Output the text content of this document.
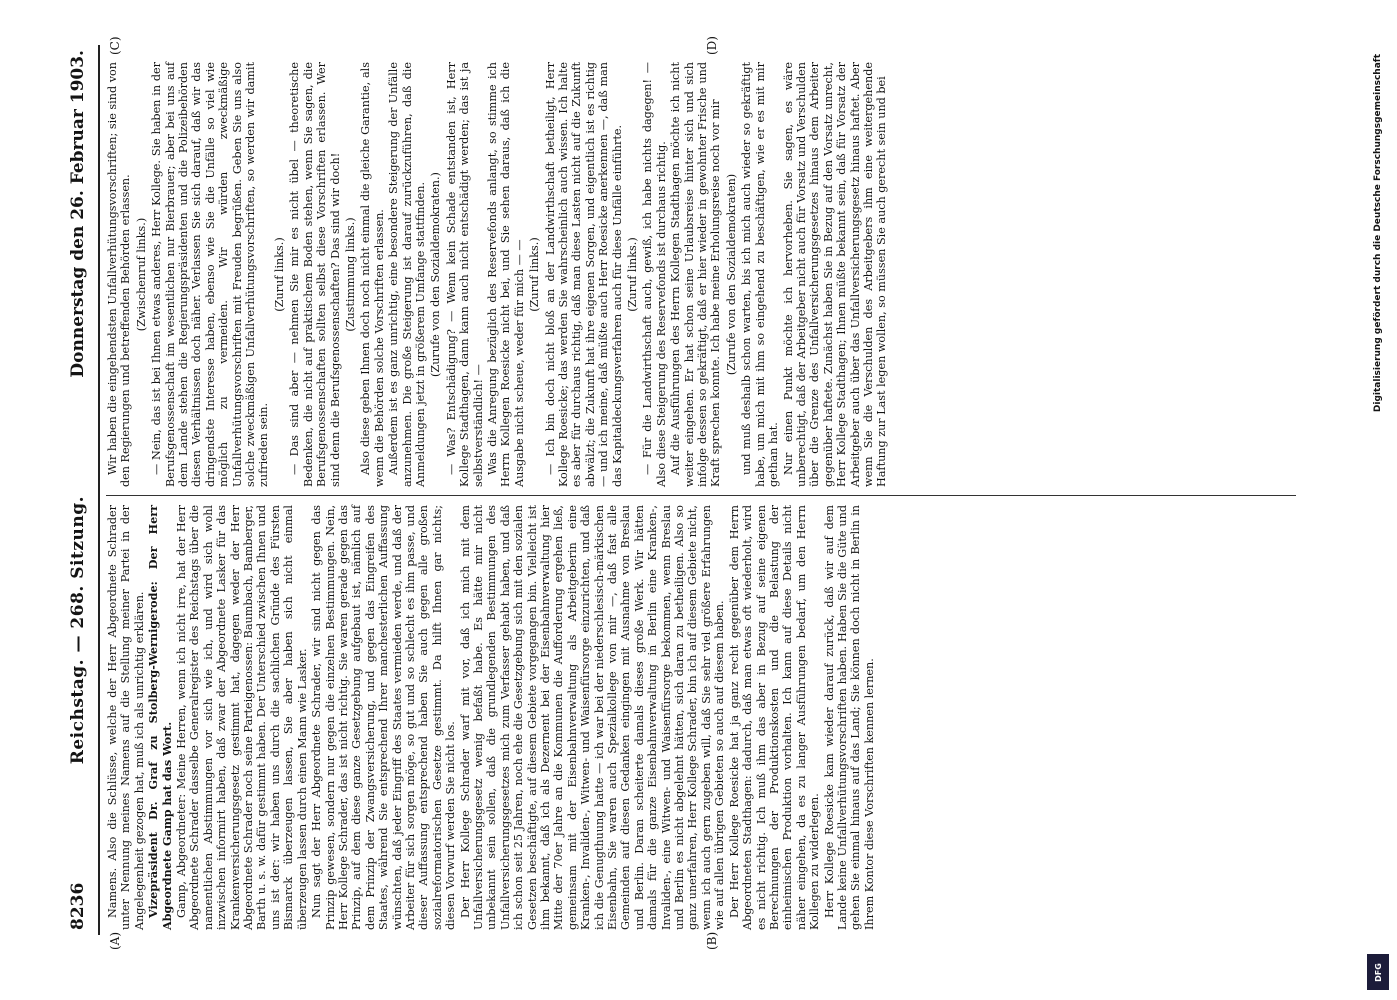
8236
Reichstag. — 268. Sitzung.
Donnerstag den 26. Februar 1903.
(A)	(B)
(C)	(D)

Namens. Also die Schlüsse, welche der Herr Abgeordnete Schrader unter Nennung meines Namens auf die Stellung meiner Partei in der Angelegenheit gezogen hat, muß ich als unrichtig erklären. Vizepräsident Dr. Graf zu Stolberg-Wernigerode: Der Herr Abgeordnete Gamp hat das Wort. Gamp, Abgeordneter: Meine Herren, wenn ich nicht irre, hat der Herr Abgeordnete Schrader dasselbe Generalregister des Reichstags über die namentlichen Abstimmungen vor sich wie ich, und wird sich wohl inzwischen informirt haben, daß zwar der Abgeordnete Lasker für das Krankenversicherungsgesetz gestimmt hat, dagegen weder der Herr Abgeordnete Schrader noch seine Parteigenossen: Baumbach, Bamberger, Barth u. s. w. dafür gestimmt haben. Der Unterschied zwischen Ihnen und uns ist der: wir haben uns durch die sachlichen Gründe des Fürsten Bismarck überzeugen lassen, Sie aber haben sich nicht einmal überzeugen lassen durch einen Mann wie Lasker. Nun sagt der Herr Abgeordnete Schrader, wir sind nicht gegen das Prinzip gewesen, sondern nur gegen die einzelnen Bestimmungen. Nein, Herr Kollege Schrader, das ist nicht richtig. Sie waren gerade gegen das Prinzip, auf dem diese ganze Gesetzgebung aufgebaut ist, nämlich auf dem Prinzip der Zwangsversicherung, und gegen das Eingreifen des Staates, während Sie entsprechend Ihrer manchesterlichen Auffassung wünschten, daß jeder Eingriff des Staates vermieden werde, und daß der Arbeiter für sich sorgen möge, so gut und so schlecht es ihm passe, und dieser Auffassung entsprechend haben Sie auch gegen alle großen sozialreformatorischen Gesetze gestimmt. Da hilft Ihnen gar nichts; diesen Vorwurf werden Sie nicht los. Der Herr Kollege Schrader warf mit vor, daß ich mich mit dem Unfallversicherungsgesetz wenig befaßt habe. Es hätte mir nicht unbekannt sein sollen, daß die grundlegenden Bestimmungen des Unfallversicherungsgesetzes mich zum Verfasser gehabt haben, und daß ich schon seit 25 Jahren, noch ehe die Gesetzgebung sich mit den sozialen Gesetzen beschäftigte, auf diesem Gebiete vorgegangen bin. Vielleicht ist ihm bekannt, daß ich als Dezernent bei der Eisenbahnverwaltung hier Mitte der 70er Jahre an die Kommunen die Aufforderung ergehen ließ, gemeinsam mit der Eisenbahnverwaltung als Arbeitgeberin eine Kranken-, Invaliden-, Witwen- und Waisenfürsorge einzurichten, und daß ich die Genugthuung hatte — ich war bei der niederschlesisch-märkischen Eisenbahn, Sie waren auch Spezialkollege von mir —, daß fast alle Gemeinden auf diesen Gedanken eingingen mit Ausnahme von Breslau und Berlin. Daran scheiterte damals dieses große Werk. Wir hätten damals für die ganze Eisenbahnverwaltung in Berlin eine Kranken-, Invaliden-, eine Witwen- und Waisenfürsorge bekommen, wenn Breslau und Berlin es nicht abgelehnt hätten, sich daran zu betheiligen. Also so ganz unerfahren, Herr Kollege Schrader, bin ich auf diesem Gebiete nicht, wenn ich auch gern zugeben will, daß Sie sehr viel größere Erfahrungen wie auf allen übrigen Gebieten so auch auf diesem haben. Der Herr Kollege Roesicke hat ja ganz recht gegenüber dem Herrn Abgeordneten Stadthagen: dadurch, daß man etwas oft wiederholt, wird es nicht richtig. Ich muß ihm das aber in Bezug auf seine eigenen Berechnungen der Produktionskosten und die Belastung der einheimischen Produktion vorhalten. Ich kann auf diese Details nicht näher eingehen, da es zu langer Ausführungen bedarf, um den Herrn Kollegen zu widerlegen. Herr Kollege Roesicke kam wieder darauf zurück, daß wir auf dem Lande keine Unfallverhütungsvorschriften haben. Haben Sie die Güte und gehen Sie einmal hinaus auf das Land; Sie können doch nicht in Berlin in Ihrem Kontor diese Vorschriften kennen lernen.

Wir haben die eingehendsten Unfallverhütungsvorschriften; sie sind von den Regierungen und betreffenden Behörden erlassen. (Zwischenruf links.) — Nein, das ist bei Ihnen etwas anderes, Herr Kollege. Sie haben in der Berufsgenossenschaft im wesentlichen nur Bierbrauer; aber bei uns auf dem Lande stehen die Regierungspräsidenten und die Polizeibehörden diesen Verhältnissen doch näher. Verlassen Sie sich darauf, daß wir das dringendste Interesse haben, ebenso wie Sie die Unfälle so viel wie möglich zu vermeiden. Wir würden zweckmäßige Unfallverhütungsvorschriften mit Freuden begrüßen. Geben Sie uns also solche zweckmäßigen Unfallverhütungsvorschriften, so werden wir damit zufrieden sein.

(Zuruf links.) — Das sind aber — nehmen Sie mir es nicht übel — theoretische Bedenken, die nicht auf praktischem Boden stehen, wenn Sie sagen, die Berufsgenossenschaften sollten selbst diese Vorschriften erlassen. Wer sind denn die Berufsgenossenschaften? Das sind wir doch! (Zustimmung links.) Also diese geben Ihnen doch noch nicht einmal die gleiche Garantie, als wenn die Behörden solche Vorschriften erlassen. Außerdem ist es ganz unrichtig, eine besondere Steigerung der Unfälle anzunehmen. Die große Steigerung ist darauf zurückzuführen, daß die Anmeldungen jetzt in größerem Umfange stattfinden. (Zurufe von den Sozialdemokraten.) — Was? Entschädigung? — Wenn kein Schade entstanden ist, Herr Kollege Stadthagen, dann kann auch nicht entschädigt werden; das ist ja selbstverständlich! — Was die Anregung bezüglich des Reservefonds anlangt, so stimme ich Herrn Kollegen Roesicke nicht bei, und Sie sehen daraus, daß ich die Ausgabe nicht scheue, weder für mich — — (Zuruf links.) — Ich bin doch nicht bloß an der Landwirthschaft betheiligt, Herr Kollege Roesicke; das werden Sie wahrscheinlich auch wissen. Ich halte es aber für durchaus richtig, daß man diese Lasten nicht auf die Zukunft abwälzt; die Zukunft hat ihre eigenen Sorgen, und eigentlich ist es richtig — und ich meine, daß müßte auch Herr Roesicke anerkennen —, daß man das Kapitaldeckungsverfahren auch für diese Unfälle einführte. (Zuruf links.) — Für die Landwirthschaft auch, gewiß, ich habe nichts dagegen! — Also diese Steigerung des Reservefonds ist durchaus richtig. Auf die Ausführungen des Herrn Kollegen Stadthagen möchte ich nicht weiter eingehen. Er hat schon seine Urlaubsreise hinter sich und sich infolge dessen so gekräftigt, daß er hier wieder in gewohnter Frische und Kraft sprechen konnte. Ich habe meine Erholungsreise noch vor mir (Zurufe von den Sozialdemokraten) und muß deshalb schon warten, bis ich mich auch wieder so gekräftigt habe, um mich mit ihm so eingehend zu beschäftigen, wie er es mit mir gethan hat. Nur einen Punkt möchte ich hervorheben. Sie sagen, es wäre unberechtigt, daß der Arbeitgeber nicht auch für Vorsatz und Verschulden über die Grenze des Unfallversicherungsgesetzes hinaus dem Arbeiter gegenüber haftete. Zunächst haben Sie in Bezug auf den Vorsatz unrecht, Herr Kollege Stadthagen; Ihnen müßte bekannt sein, daß für Vorsatz der Arbeitgeber auch über das Unfallversicherungsgesetz hinaus haftet. Aber wenn Sie die Verschulden des Arbeitgebers ihm eine weitergehende Haftung zur Last legen wollen, so müssen Sie auch gerecht sein und bei	Digitalisierung gefördert durch die Deutsche Forschungsgemeinschaft
DFG
